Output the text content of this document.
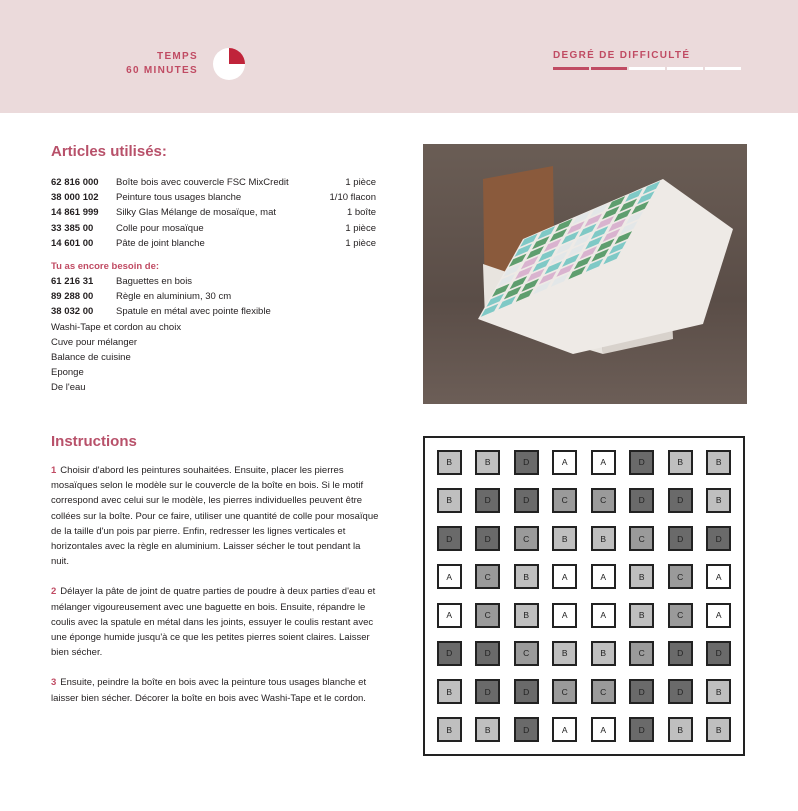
TEMPS
60 MINUTES
DEGRÉ DE DIFFICULTÉ
Articles utilisés:
62 816 000	Boîte bois avec couvercle FSC MixCredit	1 pièce
38 000 102	Peinture tous usages blanche	1/10 flacon
14 861 999	Silky Glas Mélange de mosaïque, mat	1 boîte
33 385 00	Colle pour mosaïque	1 pièce
14 601 00	Pâte de joint blanche	1 pièce
Tu as encore besoin de:
61 216 31	Baguettes en bois
89 288 00	Règle en aluminium, 30 cm
38 032 00	Spatule en métal avec pointe flexible
Washi-Tape et cordon au choix
Cuve pour mélanger
Balance de cuisine
Eponge
De l'eau
Instructions

1 Choisir d'abord les peintures souhaitées. Ensuite, placer les pierres mosaïques selon le modèle sur le couvercle de la boîte en bois. Si le motif correspond avec celui sur le modèle, les pierres individuelles peuvent être collées sur la boîte. Pour ce faire, utiliser une quantité de colle pour mosaïque de la taille d'un pois par pierre. Enfin, redresser les lignes verticales et horizontales avec la règle en aluminium. Laisser sécher le tout pendant la nuit.

2 Délayer la pâte de joint de quatre parties de poudre à deux parties d'eau et mélanger vigoureusement avec une baguette en bois. Ensuite, répandre le coulis avec la spatule en métal dans les joints, essuyer le coulis restant avec une éponge humide jusqu'à ce que les petites pierres soient claires. Laisser bien sécher.

3 Ensuite, peindre la boîte en bois avec la peinture tous usages blanche et laisser bien sécher. Décorer la boîte en bois avec Washi-Tape et le cordon.

B	B	D	A	A	D	B	B
B	D	D	C	C	D	D	B
D	D	C	B	B	C	D	D
A	C	B	A	A	B	C	A
A	C	B	A	A	B	C	A
D	D	C	B	B	C	D	D
B	D	D	C	C	D	D	B
B	B	D	A	A	D	B	B
